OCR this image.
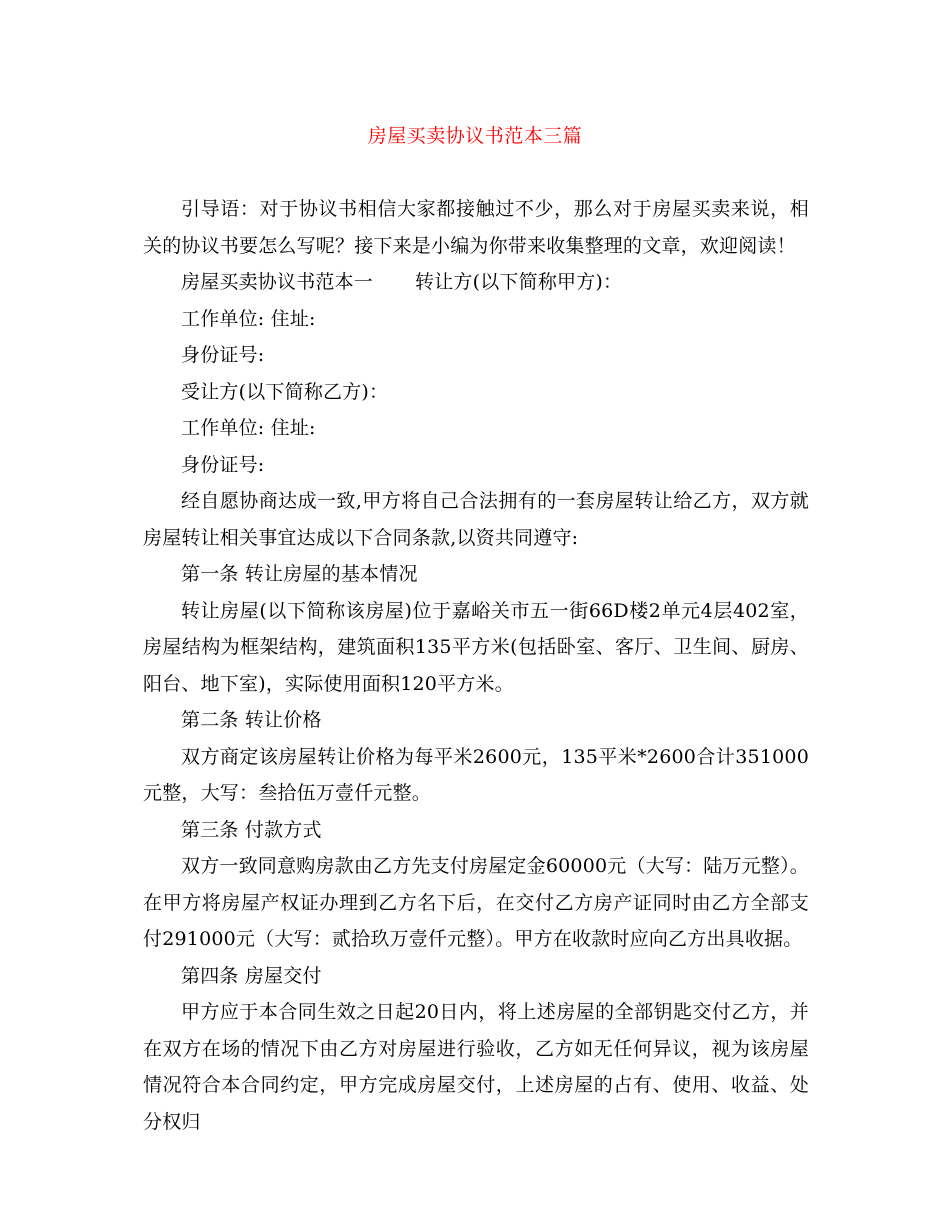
房屋买卖协议书范本三篇

引导语：对于协议书相信大家都接触过不少，那么对于房屋买卖来说，相关的协议书要怎么写呢？接下来是小编为你带来收集整理的文章，欢迎阅读！

房屋买卖协议书范本一 转让方(以下简称甲方)：

工作单位: 住址:

身份证号:

受让方(以下简称乙方)：

工作单位: 住址:

身份证号:

经自愿协商达成一致,甲方将自己合法拥有的一套房屋转让给乙方，双方就房屋转让相关事宜达成以下合同条款,以资共同遵守:

第一条 转让房屋的基本情况

转让房屋(以下简称该房屋)位于嘉峪关市五一街66D楼2单元4层402室，房屋结构为框架结构，建筑面积135平方米(包括卧室、客厅、卫生间、厨房、阳台、地下室)，实际使用面积120平方米。

第二条 转让价格

双方商定该房屋转让价格为每平米2600元，135平米*2600合计351000元整，大写：叁拾伍万壹仟元整。

第三条 付款方式

双方一致同意购房款由乙方先支付房屋定金60000元（大写：陆万元整）。在甲方将房屋产权证办理到乙方名下后，在交付乙方房产证同时由乙方全部支付291000元（大写：贰拾玖万壹仟元整）。甲方在收款时应向乙方出具收据。

第四条 房屋交付

甲方应于本合同生效之日起20日内，将上述房屋的全部钥匙交付乙方，并在双方在场的情况下由乙方对房屋进行验收，乙方如无任何异议，视为该房屋情况符合本合同约定，甲方完成房屋交付，上述房屋的占有、使用、收益、处分权归
